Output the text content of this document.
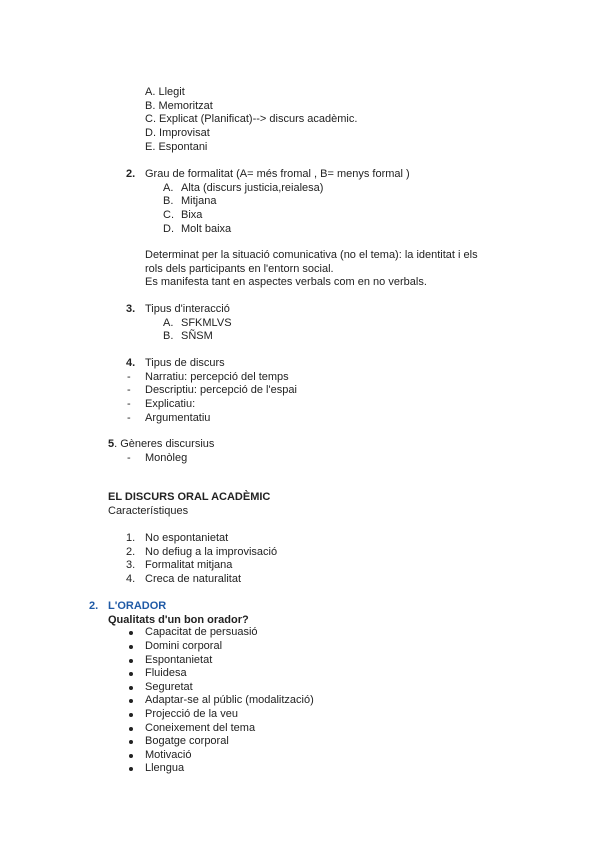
A. Llegit
B. Memoritzat
C. Explicat (Planificat)--> discurs acadèmic.
D. Improvisat
E. Espontani
2. Grau de formalitat (A= més fromal , B= menys formal )
A. Alta (discurs justicia,reialesa)
B. Mitjana
C. Bixa
D. Molt baixa
Determinat per la situació comunicativa (no el tema): la identitat i els
rols dels participants en l'entorn social.
Es manifesta tant en aspectes verbals com en no verbals.
3. Tipus d'interacció
A. SFKMLVS
B. SÑSM
4. Tipus de discurs
- Narratiu: percepció del temps
- Descriptiu: percepció de l'espai
- Explicatiu:
- Argumentatiu
5. Gèneres discursius
- Monòleg
EL DISCURS ORAL ACADÈMIC
Característiques
1. No espontanietat
2. No defiug a la improvisació
3. Formalitat mitjana
4. Creca de naturalitat
2. L'ORADOR
Qualitats d'un bon orador?
Capacitat de persuasió
Domini corporal
Espontanietat
Fluidesa
Seguretat
Adaptar-se al públic (modalització)
Projecció de la veu
Coneixement del tema
Bogatge corporal
Motivació
Llengua
